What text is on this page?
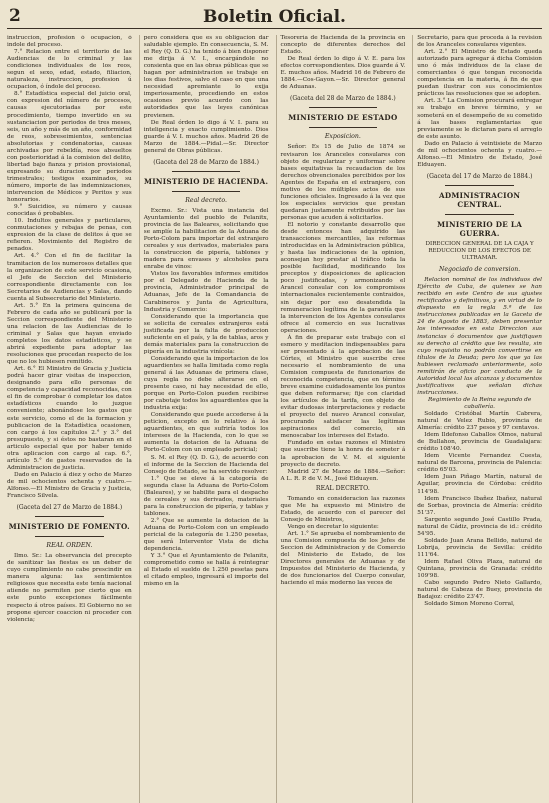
2	Boletin Oficial.

instruccion, profesion ó ocupacion, ó indole del proceso.

7.° Relacion entre el territorio de las Audiencias de lo criminal y las condiciones individuales de los reos, segun el sexo, edad, estado, filiacion, naturaleza, instruccion, profesion ú ocupacion, ó índole del proceso.

8.° Estadística especial del juicio oral, con expresion del número de procesos, causas ejecutoriadas por este procedimiento, tiempo invertido en su sustanciacion por periodos de tres meses, seis, un año y más de un año, conformidad de reos, sobreseimientos, sentencias absolutorias y condenatorias, causas archivadas por rebeldía, reos absueltos con posterioridad á la comision del delito, libertad bajo fianza y prision provisional, expresando su duracion por periodos trimestrales; testigos examinados, su número, importe de las indemnizaciones, intervencion de Médicos y Peritos y sus honorarios.

9.° Suicidios, su número y causas conocidas ó probables.

10. Indultos generales y particulares, conmutaciones y rebajas de penas, con expresion de la clase de delitos á que se refieren. Movimiento del Registro de penados.

Art. 4.° Con el fin de facilitar la tramitacion de los numerosos detalles que la organizacion de este servicio ocasiona, el Jefe de Seccion del Ministerio correspondiente directamente con los Secretarios de Audiencias y Salas, dando cuenta al Subsecretario del Ministerio.

Art. 5.° En la primera quincena de Febrero de cada año se publicará por la Seccion correspondiente del Ministerio una relacion de las Audiencias de lo criminal y Salas que hayan enviado completos los datos estadísticos, y se abrirá expediente para adoptar las resoluciones que procedan respecto de los que no los hubiesen remitido.

Art. 6.° El Ministro de Gracia y Justicia podrá hacer girar visitas de inspeccion, designando para ello personas de competencia y capacidad reconocidas, con el fin de comprobar ó completar los datos estadísticos cuando lo juzgue conveniente; abonándose los gastos que este servicio, como el de la formacion y publicacion de la Estadística ocasionen, con cargo á los capítulos 2.° y 3.° del presupuesto, y si éstos no bastaran en el articulo especial que por haber tenido otra aplicacion con cargo al cap. 6.°, artículo 5.° de gastos reservados de la Administracion de justicia.

Dado en Palacio á diez y ocho de Marzo de mil ochocientos ochenta y cuatro.—Alfonso.—El Ministro de Gracia y Justicia, Francisco Silvela.

(Gaceta del 27 de Marzo de 1884.)
MINISTERIO DE FOMENTO.
REAL ORDEN.

Ilmo. Sr.: La observancia del precepto de sanitizar las fiestas es un deber de cuyo cumplimiento no cabe prescindir en manera alguna: las sentimientos religiosos que necesita este tenía nacional atiende no permiten por cierto que en este punto excepciones fácilmente respecto á otros países. El Gobierno no se propone ejercer coaccion ni proceder con violencia;

pero considera que es su obligacion dar saludable ejemplo. En consecuencia, S. M. el Rey (Q. D. G.) ha tenido á bien disponer me dirija á V. I., encargándole no consienta que en las obras públicas que se hagan por administracion se trabaje en los dias festivos, salvo el caso en que una necesidad apremiante lo exija imperiosamente, procediendo en estos ocasiones previo acuerdo con las autoridades que las leyes canónicas previenen.

De Real órden lo digo á V. I. para su inteligencia y exacto cumplimiento. Dios guarde á V. I. muchos años. Madrid 26 de Marzo de 1884.—Pidal.—Sr. Director general de Obras públicas.

(Gaceta del 28 de Marzo de 1884.)
MINISTERIO DE HACIENDA.
Real decreto.

Excmo. Sr.: Vista una instancia del Ayuntamiento del pueblo de Felanitx, provincia de las Baleares, solicitando que se amplíe la habilitacion de la Aduana de Porto-Colom para importar del extranjero cereales y sus derivados, materiales para la construccion de pipería, tablones y madera para envases y alcoholes para enrabe de vinos:

Vistos los favorables informes emitidos por el Delegado de Hacienda de la provincia, Administrador principal de Aduanas, Jefe de la Comandancia de Carabineros y Junta de Agricultura, Industria y Comercio:

Considerando que la importancia que se solicita de cereales extranjeros está justificada por la falta de produccion suficiente en el país, y la de tablas, aros y demás materiales para la construccion de pipería en la industria vinícola:

Considerando que la importacion de los aguardientes se halla limitada como regla general á las Aduanas de primera clase, cuya regla no debe alterarse en el presente caso, ni hay necesidad de ello, porque en Porto-Colon pueden recibirse por cabotaje todos los aguardientes que la industria exija:

Considerando que puede accederse á la peticion, excepto en lo relativo á los aguardientes, en que sufriría todos los intereses de la Hacienda, con lo que se aumenta la dotacion de la Aduana de Porto-Colom con un empleado pericial;

S. M. el Rey (Q. D. G.), de acuerdo con el informe de la Seccion de Hacienda del Consejo de Estado, se ha servido resolver:

1.° Que se eleve á la categoría de segunda clase la Aduana de Porto-Colom (Baleares), y se habilite para el despacho de cereales y sus derivados, materiales para la construccion de pipería, y tablas y tablones.

2.° Que se aumente la dotacion de la Aduana de Porto-Colom con un empleado pericial de la categoría de 1.250 pesetas, que será Interventor Vista de dicha dependencia.

Y 3.° Que el Ayuntamiento de Felanitx, comprometido como se halla á reintegrar al Estado el sueldo de 1.250 pesetas para el citado empleo, ingresará el importe del mismo en la

Tesorería de Hacienda de la provincia en concepto de diferentes derechos del Estado.

De Real órden lo digo á V. E. para los efectos correspondientes. Dios guarde á V. E. muchos años. Madrid 16 de Febrero de 1884.—Cos-Gayon.—Sr. Director general de Aduanas.

(Gaceta del 28 de Marzo de 1884.)
MINISTERIO DE ESTADO
Exposicion.

Señor: Es 15 de Julio de 1874 se revisaron los Aranceles consulares con objeto de regularizar y uniformar sobre bases equitativas la recaudacion de los derechos obvencionales percibidos por los Agentes de España en el extranjero, con motivo de los múltiples actos de sus funciones oficiales. Ingresado á la vez que los especiales servicios que prestan quedaran justamente retribuidos por las personas que acuden á solicitarlos.

El notorio y constante desarrollo que desde entonces han adquirido las transacciones mercantiles, las reformas introducidas en la Administracion pública, y hasta las indicaciones de la opinion, aconsejan hoy prestar al tráfico toda la posible facilidad, modificando los preceptos y disposiciones de aplicacion poco justificadas, y armonizando el Arancel consular con los compromisos internacionales recientemente contraidos, sin dejar por eso desatendida la remuneracion legítima de la garantía que la intervencion de los Agentes consulares ofrece al comercio en sus lucrativas operaciones.

Á fin de preparar este trabajo con el esmero y meditacion indispensables para ser presentado á la aprobacion de las Córtes, el Ministro que suscribe cree necesario el nombramiento de una Comision compuesta de funcionarios de reconocida competencia, que en término breve examine cuidadosamente los puntos que deben reformarse; fije con claridad los artículos de la tarifa, con objeto de evitar dudosas interpretaciones y redacte el proyecto del nuevo Arancel consular, procurando satisfacer las legítimas aspiraciones del comercio, sin menoscabar los intereses del Estado.

Fundado en estas razones el Ministro que suscribe tiene la honra de someter á la aprobacion de V. M. el siguiente proyecto de decreto.

Madrid 27 de Marzo de 1884.—Señor: A L. R. P. de V. M., José Elduayen.

REAL DECRETO.

Tomando en consideracion las razones que Me ha expuesto mi Ministro de Estado, de acuerdo con el parecer del Consejo de Ministros,

Vengo en decretar lo siguiente:

Art. 1.° Se aprueba el nombramiento de una Comision compuesta de los Jefes de Seccion de Administracion y de Comercio del Ministerio de Estado, de los Directores generales de Aduanas y de Impuestos del Ministerio de Hacienda, y de dos funcionarios del Cuerpo consular, haciendo el más moderno las veces de

Secretario, para que proceda á la revision de los Aranceles consulares vigentes.

Art. 2.° El Ministro de Estado queda autorizado para agregar á dicha Comision uno ó más individuos de la clase de comerciantes ó que tengan reconocida competencia en la materia, á fin de que puedan ilustrar con sus conocimientos prácticos las resoluciones que se adopten.

Art. 3.° La Comision procurará entregar su trabajo en breve término, y se someterá en el desempeño de su cometido á las bases reglamentarias que previamente se le dictaran para el arreglo de este asunto.

Dado en Palacio á veintisiete de Marzo de mil ochocientos ochenta y cuatro.—Alfonso.—El Ministro de Estado, José Elduayen.

(Gaceta del 17 de Marzo de 1884.)
ADMINISTRACION CENTRAL.
MINISTERIO DE LA GUERRA.
DIRECCION GENERAL DE LA CAJA Y REDUCCION DE LOS EFECTOS DE ULTRAMAR.
Negociado de conversion.

Relacion nominal de los individuos del Ejército de Cuba, de quienes se han recibido en este Centro de sus ajustes rectificados y definitivos, y en virtud de lo dispuesto en la regla 5.ª de las instrucciones publicadas en la Gaceta de 24 de Agosto de 1883, deben presentar los interesados en esta Direccion sus instancias ó documentos que justifiquen su derecho al crédito que les resulta, sin cuyo requisito no podrán convertirse en títulos de la Deuda; pero los que ya las hubiesen reclamado anteriormente, solo remitirán de oficio por conducto de la Autoridad local las alcanzas y documentos justificativos que señalan dichas instrucciones.

Regimiento de la Reina segundo de caballería.

Soldado Cristóbal Martín Cabrera, natural de Velez Rubio, provincia de Almería: crédito 237 pesos y 97 centavos.

Idem Ildefonso Caballos Olmos, natural de Bullahon, provincia de Guadalajara: crédito 108'40.

Idem Vicente Fernandez Cuesta, natural de Barcena, provincia de Palencia: crédito 65'03.

Idem Juan Piñago Martín, natural de Aguilar, provincia de Córdoba: crédito 114'98.

Idem Francisco Ibañez Ibañez, natural de Sorbas, provincia de Almería: crédito 51'37.

Sargento segundo José Castillo Prada, natural de Cádiz, provincia de id.: crédito 54'95.

Soldado Juan Arana Bellido, natural de Lobrija, provincia de Sevilla: crédito 111'64.

Idem Rafael Oliva Plaza, natural de Quintana, provincia de Granada: crédito 109'98.

Cabo segundo Pedro Nieto Gallardo, natural de Cabeza de Buey, provincia de Badajoz: crédito 23'47.

Soldado Simon Moreno Corral,
